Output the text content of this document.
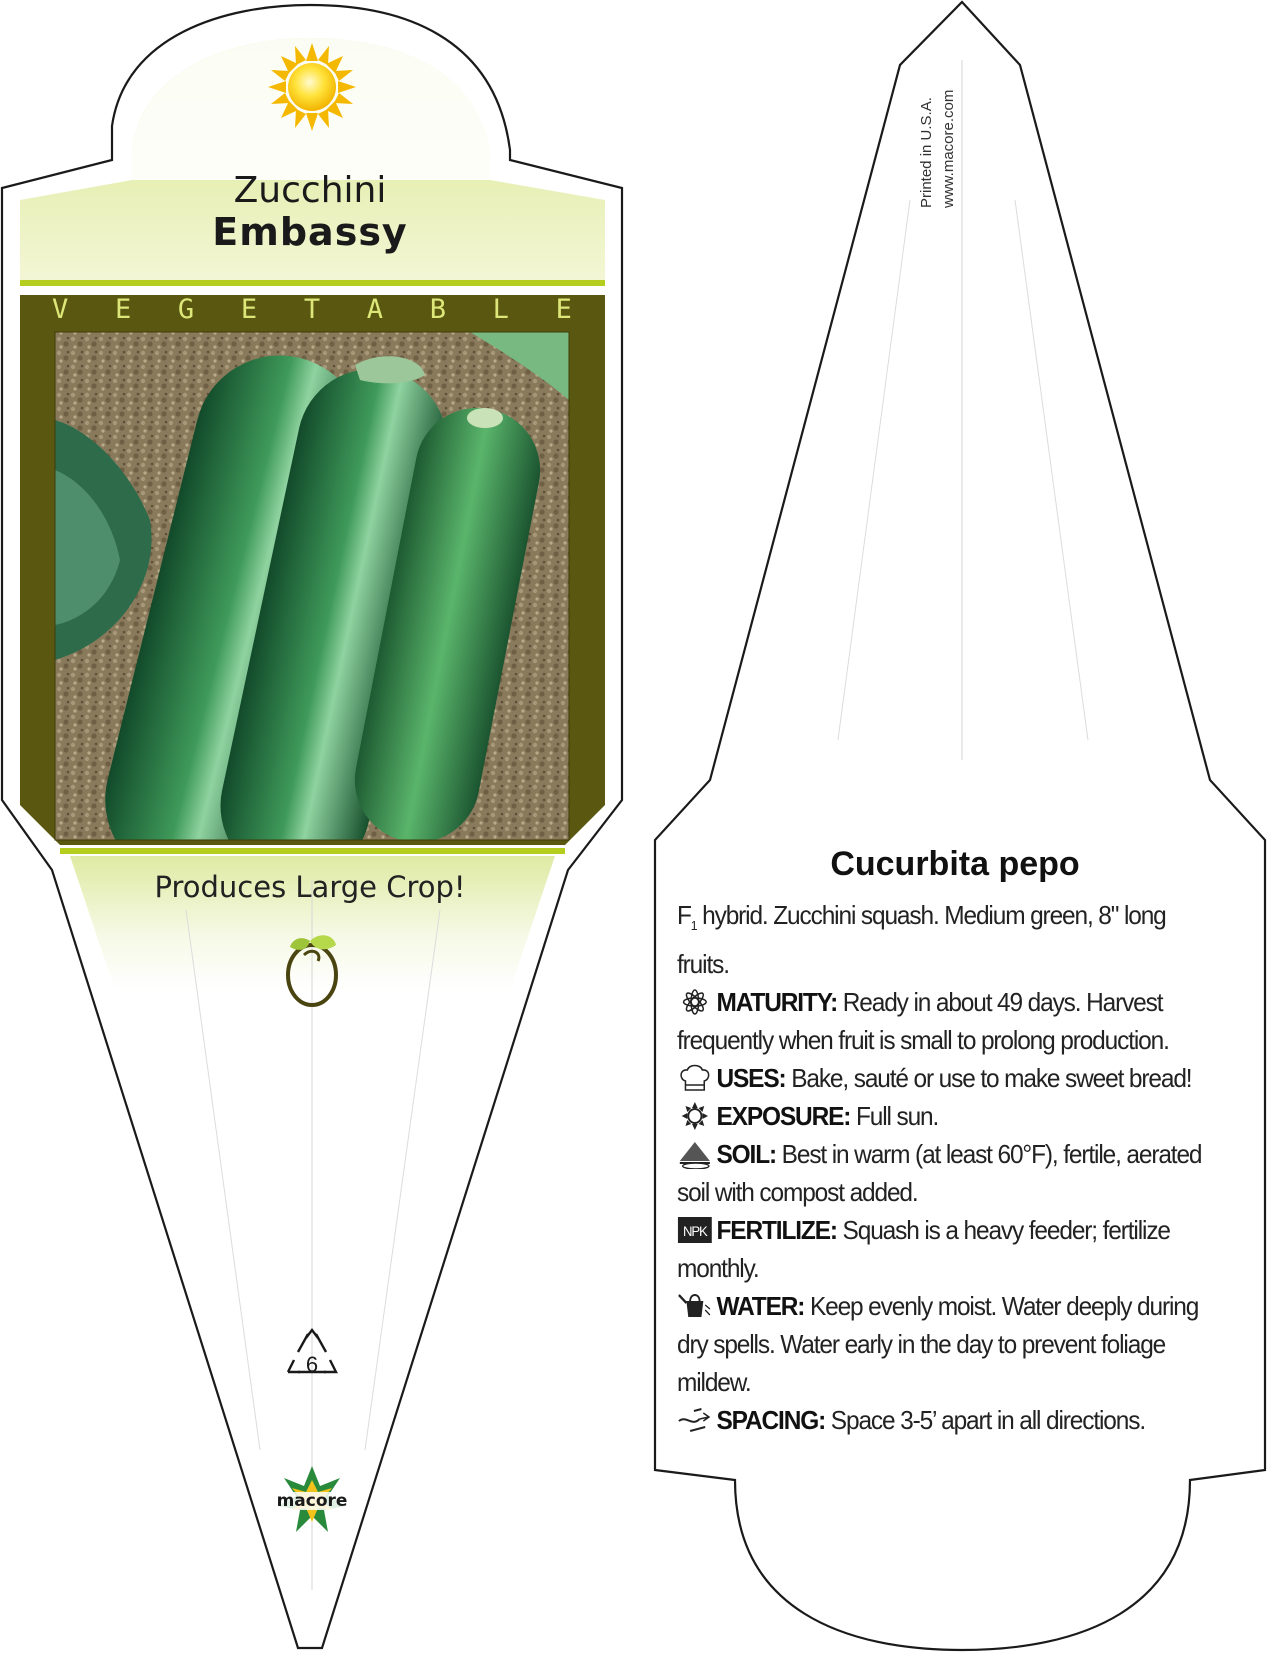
6
macore
Zucchini
Embassy
V E G E T A B L E
Produces Large Crop!
Printed in U.S.A. www.macore.com
Cucurbita pepo

$F_1$ hybrid. Zucchini squash. Medium green, 8" long fruits.

MATURITY: Ready in about 49 days. Harvest frequently when fruit is small to prolong production.

USES: Bake, sauté or use to make sweet bread!

EXPOSURE: Full sun.

SOIL: Best in warm (at least 60°F), fertile, aerated soil with compost added.

NPK FERTILIZE: Squash is a heavy feeder; fertilize monthly.

WATER: Keep evenly moist. Water deeply during dry spells. Water early in the day to prevent foliage mildew.

SPACING: Space 3-5’ apart in all directions.
